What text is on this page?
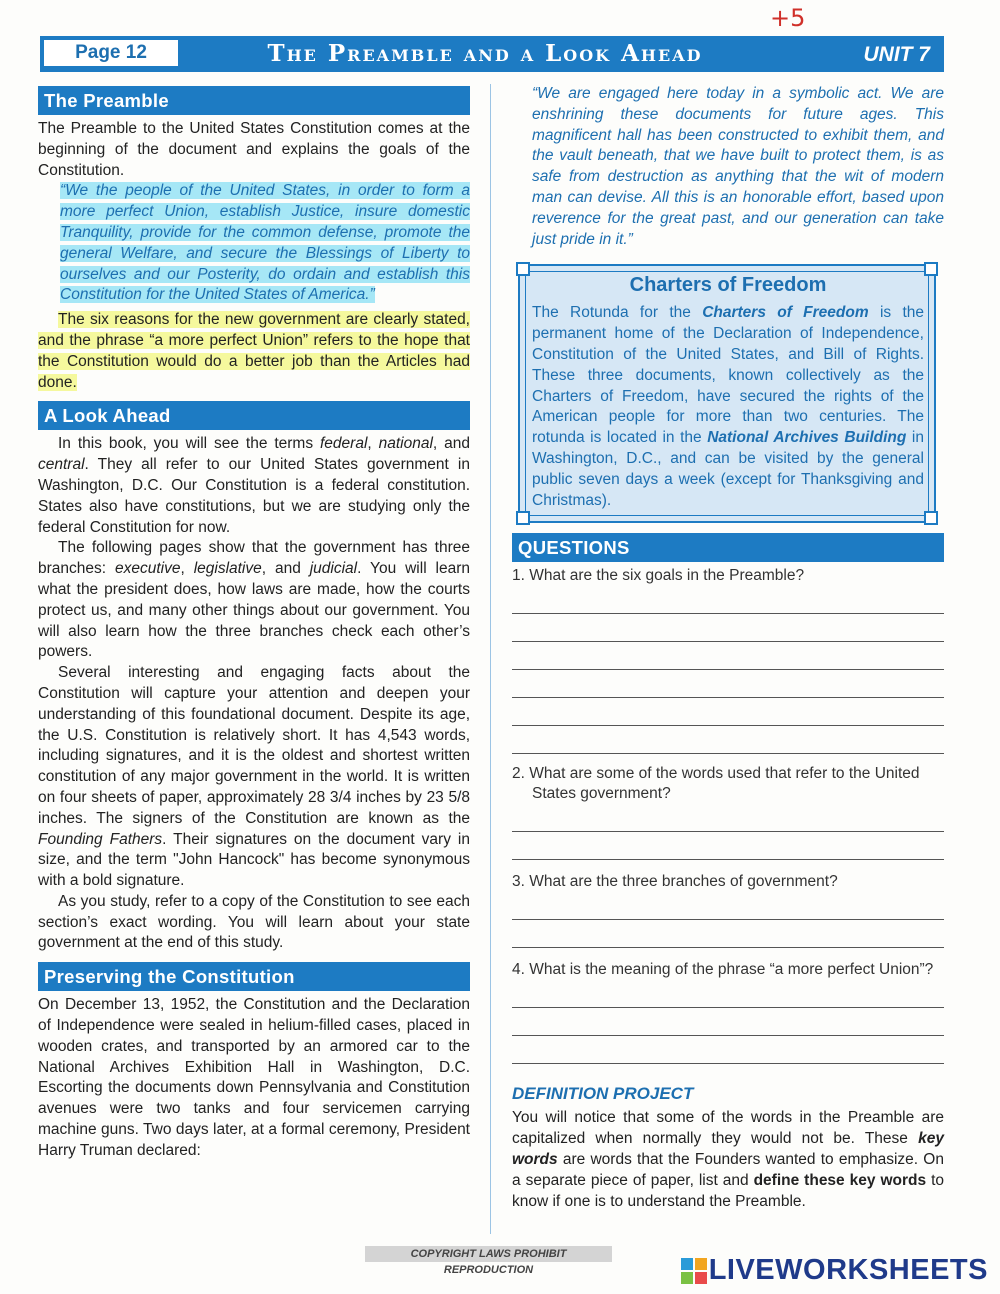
Page 12	The Preamble and a Look Ahead	UNIT 7
+5
The Preamble

The Preamble to the United States Constitution comes at the beginning of the document and explains the goals of the Constitution.

“We the people of the United States, in order to form a more perfect Union, establish Justice, insure domestic Tranquility, provide for the common defense, promote the general Welfare, and secure the Blessings of Liberty to ourselves and our Posterity, do ordain and establish this Constitution for the United States of America.”

The six reasons for the new government are clearly stated, and the phrase “a more perfect Union” refers to the hope that the Constitution would do a better job than the Articles had done.

A Look Ahead

In this book, you will see the terms federal, national, and central. They all refer to our United States government in Washington, D.C. Our Constitution is a federal constitution. States also have constitutions, but we are studying only the federal Constitution for now.

The following pages show that the government has three branches: executive, legislative, and judicial. You will learn what the president does, how laws are made, how the courts protect us, and many other things about our government. You will also learn how the three branches check each other’s powers.

Several interesting and engaging facts about the Constitution will capture your attention and deepen your understanding of this foundational document. Despite its age, the U.S. Constitution is relatively short. It has 4,543 words, including signatures, and it is the oldest and shortest written constitution of any major government in the world. It is written on four sheets of paper, approximately 28 3/4 inches by 23 5/8 inches. The signers of the Constitution are known as the Founding Fathers. Their signatures on the document vary in size, and the term "John Hancock" has become synonymous with a bold signature.

As you study, refer to a copy of the Constitution to see each section’s exact wording. You will learn about your state government at the end of this study.

Preserving the Constitution

On December 13, 1952, the Constitution and the Declaration of Independence were sealed in helium-filled cases, placed in wooden crates, and transported by an armored car to the National Archives Exhibition Hall in Washington, D.C. Escorting the documents down Pennsylvania and Constitution avenues were two tanks and four servicemen carrying machine guns. Two days later, at a formal ceremony, President Harry Truman declared:

“We are engaged here today in a symbolic act. We are enshrining these documents for future ages. This magnificent hall has been constructed to exhibit them, and the vault beneath, that we have built to protect them, is as safe from destruction as anything that the wit of modern man can devise. All this is an honorable effort, based upon reverence for the great past, and our generation can take just pride in it.”

Charters of Freedom

The Rotunda for the Charters of Freedom is the permanent home of the Declaration of Independence, Constitution of the United States, and Bill of Rights. These three documents, known collectively as the Charters of Freedom, have secured the rights of the American people for more than two centuries. The rotunda is located in the National Archives Building in Washington, D.C., and can be visited by the general public seven days a week (except for Thanksgiving and Christmas).

QUESTIONS
1. What are the six goals in the Preamble?
2. What are some of the words used that refer to the United States government?
3. What are the three branches of government?
4. What is the meaning of the phrase “a more perfect Union”?
DEFINITION PROJECT

You will notice that some of the words in the Preamble are capitalized when normally they would not be. These key words are words that the Founders wanted to emphasize. On a separate piece of paper, list and define these key words to know if one is to understand the Preamble.

COPYRIGHT LAWS PROHIBIT REPRODUCTION	LIVEWORKSHEETS
